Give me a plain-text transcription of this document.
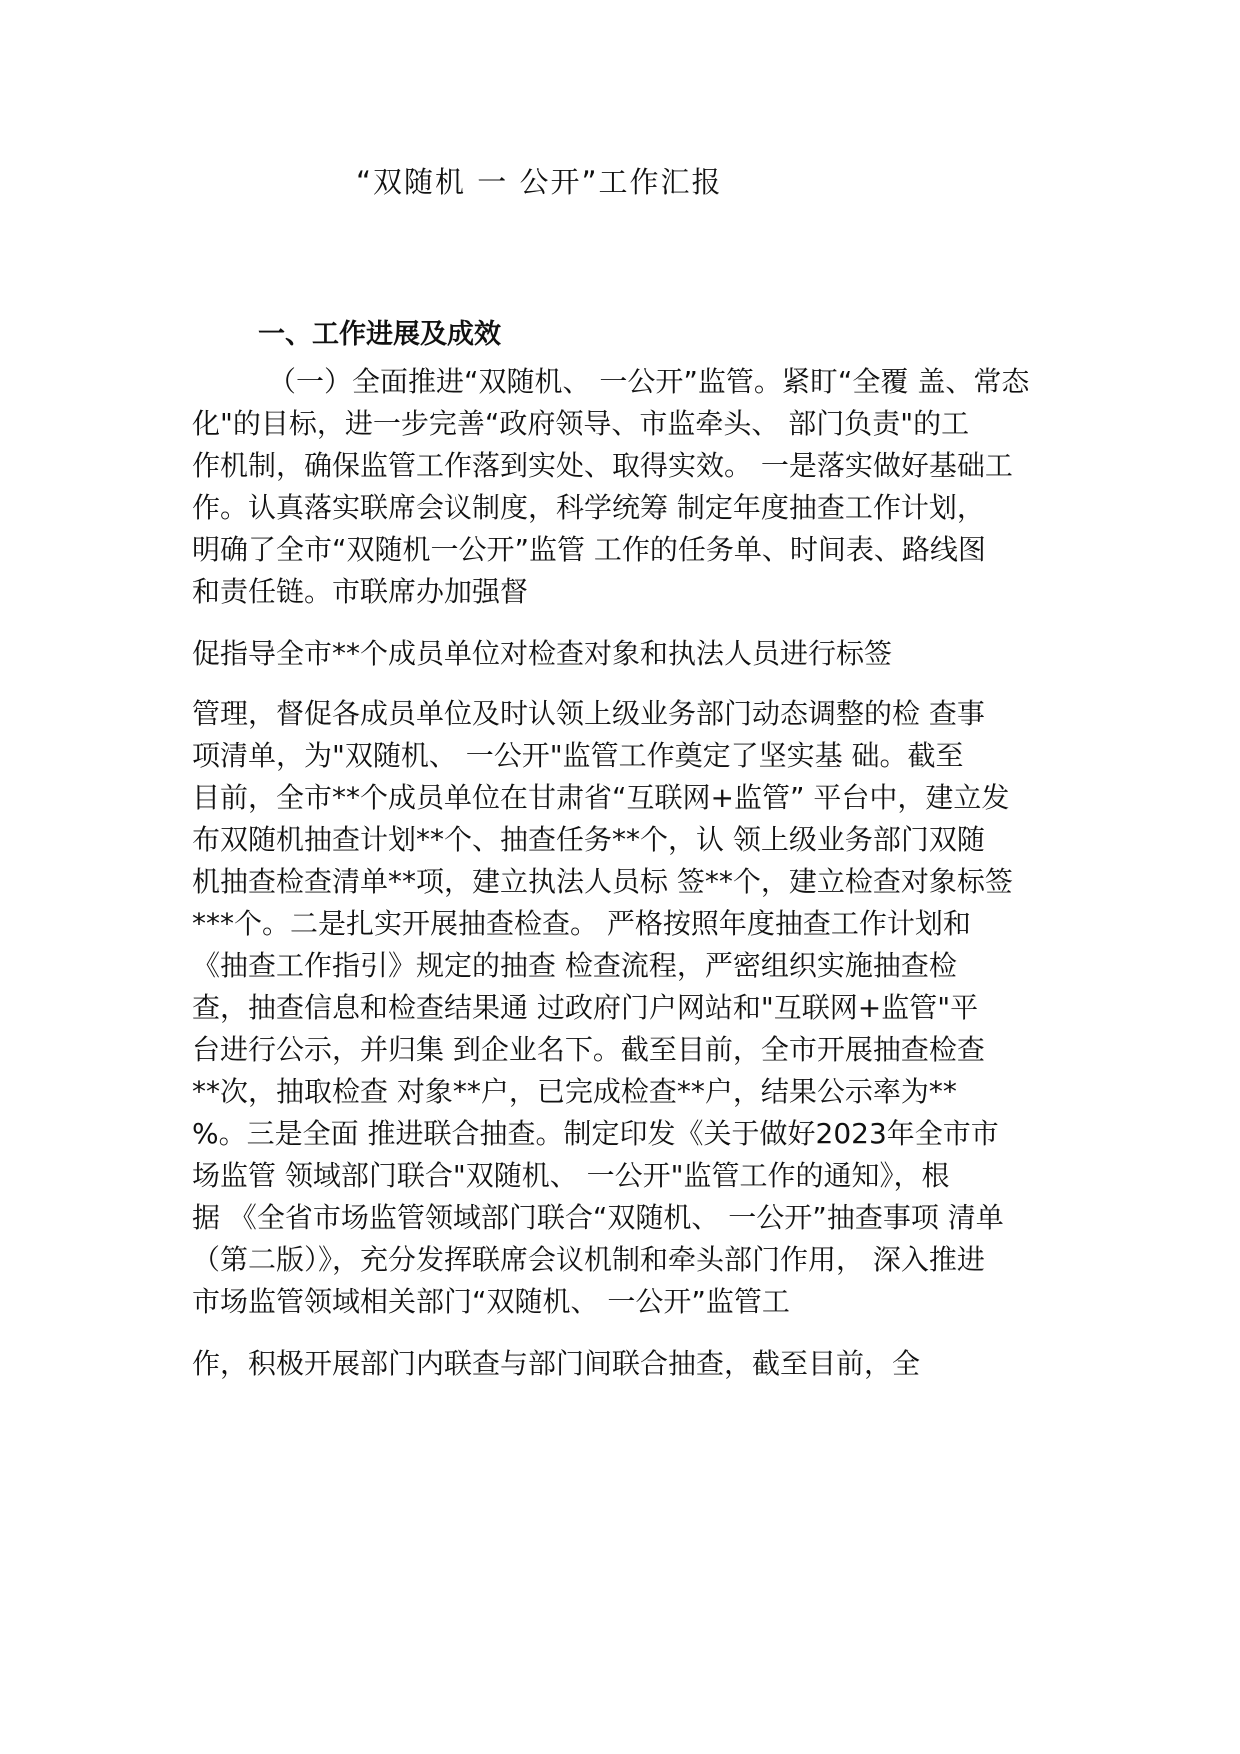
“双随机 一 公开”工作汇报
一、工作进展及成效
（一）全面推进“双随机、 一公开”监管。紧盯“全覆 盖、常态
化"的目标，进一步完善“政府领导、市监牵头、 部门负责"的工
作机制，确保监管工作落到实处、取得实效。 一是落实做好基础工
作。认真落实联席会议制度，科学统筹 制定年度抽查工作计划，
明确了全市“双随机一公开”监管 工作的任务单、时间表、路线图
和责任链。市联席办加强督
促指导全市**个成员单位对检查对象和执法人员进行标签
管理，督促各成员单位及时认领上级业务部门动态调整的检 查事
项清单，为"双随机、 一公开"监管工作奠定了坚实基 础。截至
目前，全市**个成员单位在甘肃省“互联网+监管” 平台中，建立发
布双随机抽查计划**个、抽查任务**个，认 领上级业务部门双随
机抽查检查清单**项，建立执法人员标 签**个，建立检查对象标签
***个。二是扎实开展抽查检查。 严格按照年度抽查工作计划和
《抽查工作指引》规定的抽查 检查流程，严密组织实施抽查检
查，抽查信息和检查结果通 过政府门户网站和"互联网+监管"平
台进行公示，并归集 到企业名下。截至目前，全市开展抽查检查
**次，抽取检查 对象**户，已完成检查**户，结果公示率为**
%。三是全面 推进联合抽查。制定印发《关于做好2023年全市市
场监管 领域部门联合"双随机、 一公开"监管工作的通知》，根
据 《全省市场监管领域部门联合“双随机、 一公开”抽查事项 清单
（第二版）》，充分发挥联席会议机制和牵头部门作用， 深入推进
市场监管领域相关部门“双随机、 一公开”监管工
作，积极开展部门内联查与部门间联合抽查，截至目前，全
